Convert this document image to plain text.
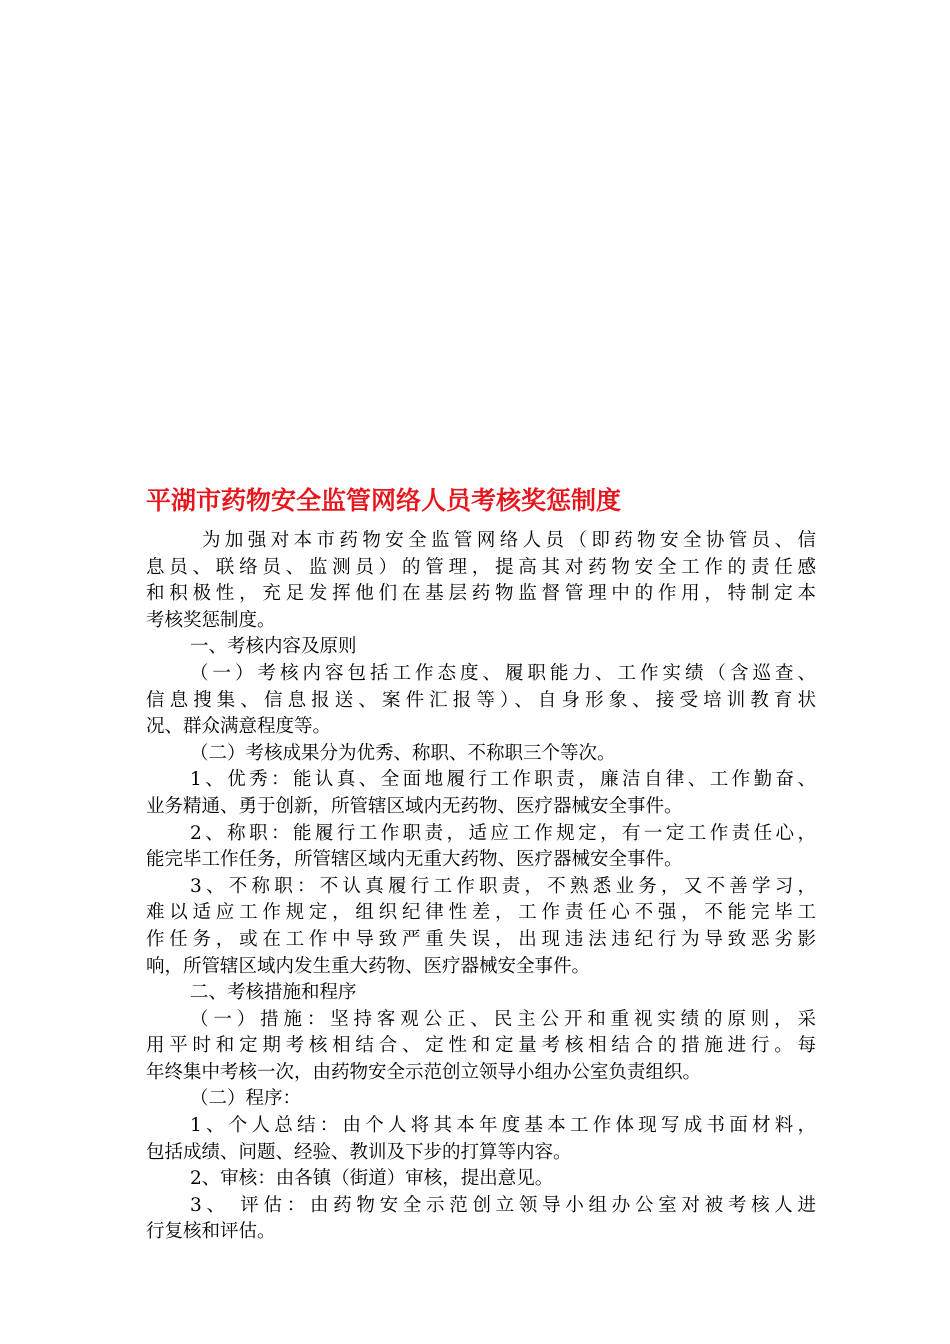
平湖市药物安全监管网络人员考核奖惩制度
为加强对本市药物安全监管网络人员（即药物安全协管员、信
息员、联络员、监测员）的管理，提高其对药物安全工作的责任感
和积极性，充足发挥他们在基层药物监督管理中的作用，特制定本
考核奖惩制度。
一、考核内容及原则
（一）考核内容包括工作态度、履职能力、工作实绩（含巡查、
信息搜集、信息报送、案件汇报等）、自身形象、接受培训教育状
况、群众满意程度等。
（二）考核成果分为优秀、称职、不称职三个等次。
1、优秀：能认真、全面地履行工作职责，廉洁自律、工作勤奋、
业务精通、勇于创新，所管辖区域内无药物、医疗器械安全事件。
2、称职：能履行工作职责，适应工作规定，有一定工作责任心，
能完毕工作任务，所管辖区域内无重大药物、医疗器械安全事件。
3、不称职：不认真履行工作职责，不熟悉业务，又不善学习，
难以适应工作规定，组织纪律性差，工作责任心不强，不能完毕工
作任务，或在工作中导致严重失误，出现违法违纪行为导致恶劣影
响，所管辖区域内发生重大药物、医疗器械安全事件。
二、考核措施和程序
（一）措施：坚持客观公正、民主公开和重视实绩的原则，采
用平时和定期考核相结合、定性和定量考核相结合的措施进行。每
年终集中考核一次，由药物安全示范创立领导小组办公室负责组织。
（二）程序：
1、个人总结：由个人将其本年度基本工作体现写成书面材料，
包括成绩、问题、经验、教训及下步的打算等内容。
2、审核：由各镇（街道）审核，提出意见。
3、 评估：由药物安全示范创立领导小组办公室对被考核人进
行复核和评估。
